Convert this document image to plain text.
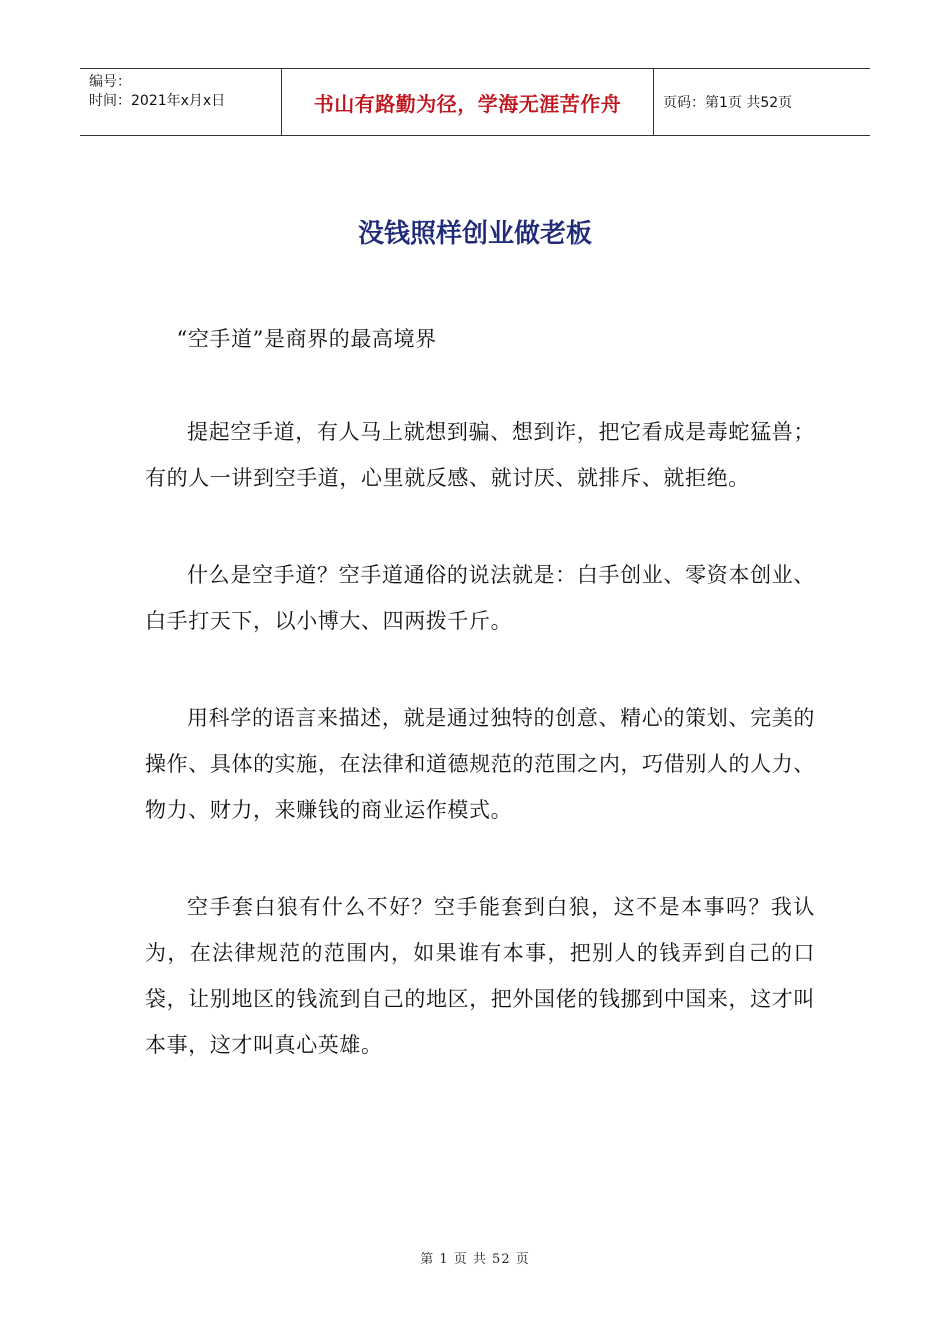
编号：
时间：2021年x月x日	书山有路勤为径，学海无涯苦作舟	页码：第1页 共52页
没钱照样创业做老板

“空手道”是商界的最高境界

提起空手道，有人马上就想到骗、想到诈，把它看成是毒蛇猛兽；有的人一讲到空手道，心里就反感、就讨厌、就排斥、就拒绝。

什么是空手道？空手道通俗的说法就是：白手创业、零资本创业、白手打天下，以小博大、四两拨千斤。

用科学的语言来描述，就是通过独特的创意、精心的策划、完美的操作、具体的实施，在法律和道德规范的范围之内，巧借别人的人力、物力、财力，来赚钱的商业运作模式。

空手套白狼有什么不好？空手能套到白狼，这不是本事吗？我认为，在法律规范的范围内，如果谁有本事，把别人的钱弄到自己的口袋，让别地区的钱流到自己的地区，把外国佬的钱挪到中国来，这才叫本事，这才叫真心英雄。

第 1 页 共 52 页
